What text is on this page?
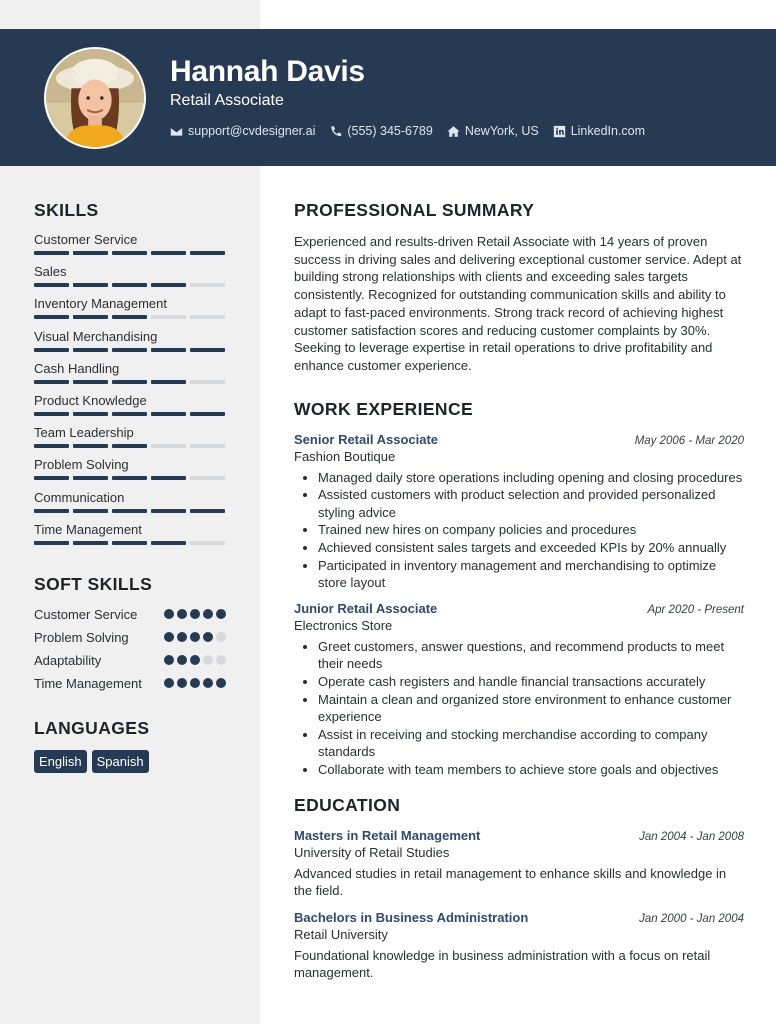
Hannah Davis
Retail Associate
support@cvdesigner.ai	(555) 345-6789	NewYork, US	LinkedIn.com
SKILLS
Customer Service
Sales
Inventory Management
Visual Merchandising
Cash Handling
Product Knowledge
Team Leadership
Problem Solving
Communication
Time Management
SOFT SKILLS
Customer Service
Problem Solving
Adaptability
Time Management
LANGUAGES
English	Spanish
PROFESSIONAL SUMMARY
Experienced and results-driven Retail Associate with 14 years of proven success in driving sales and delivering exceptional customer service. Adept at building strong relationships with clients and exceeding sales targets consistently. Recognized for outstanding communication skills and ability to adapt to fast-paced environments. Strong track record of achieving highest customer satisfaction scores and reducing customer complaints by 30%. Seeking to leverage expertise in retail operations to drive profitability and enhance customer experience.
WORK EXPERIENCE
Senior Retail Associate	May 2006 - Mar 2020
Fashion Boutique
• Managed daily store operations including opening and closing procedures
• Assisted customers with product selection and provided personalized styling advice
• Trained new hires on company policies and procedures
• Achieved consistent sales targets and exceeded KPIs by 20% annually
• Participated in inventory management and merchandising to optimize store layout
Junior Retail Associate	Apr 2020 - Present
Electronics Store
• Greet customers, answer questions, and recommend products to meet their needs
• Operate cash registers and handle financial transactions accurately
• Maintain a clean and organized store environment to enhance customer experience
• Assist in receiving and stocking merchandise according to company standards
• Collaborate with team members to achieve store goals and objectives
EDUCATION
Masters in Retail Management	Jan 2004 - Jan 2008
University of Retail Studies
Advanced studies in retail management to enhance skills and knowledge in the field.
Bachelors in Business Administration	Jan 2000 - Jan 2004
Retail University
Foundational knowledge in business administration with a focus on retail management.
